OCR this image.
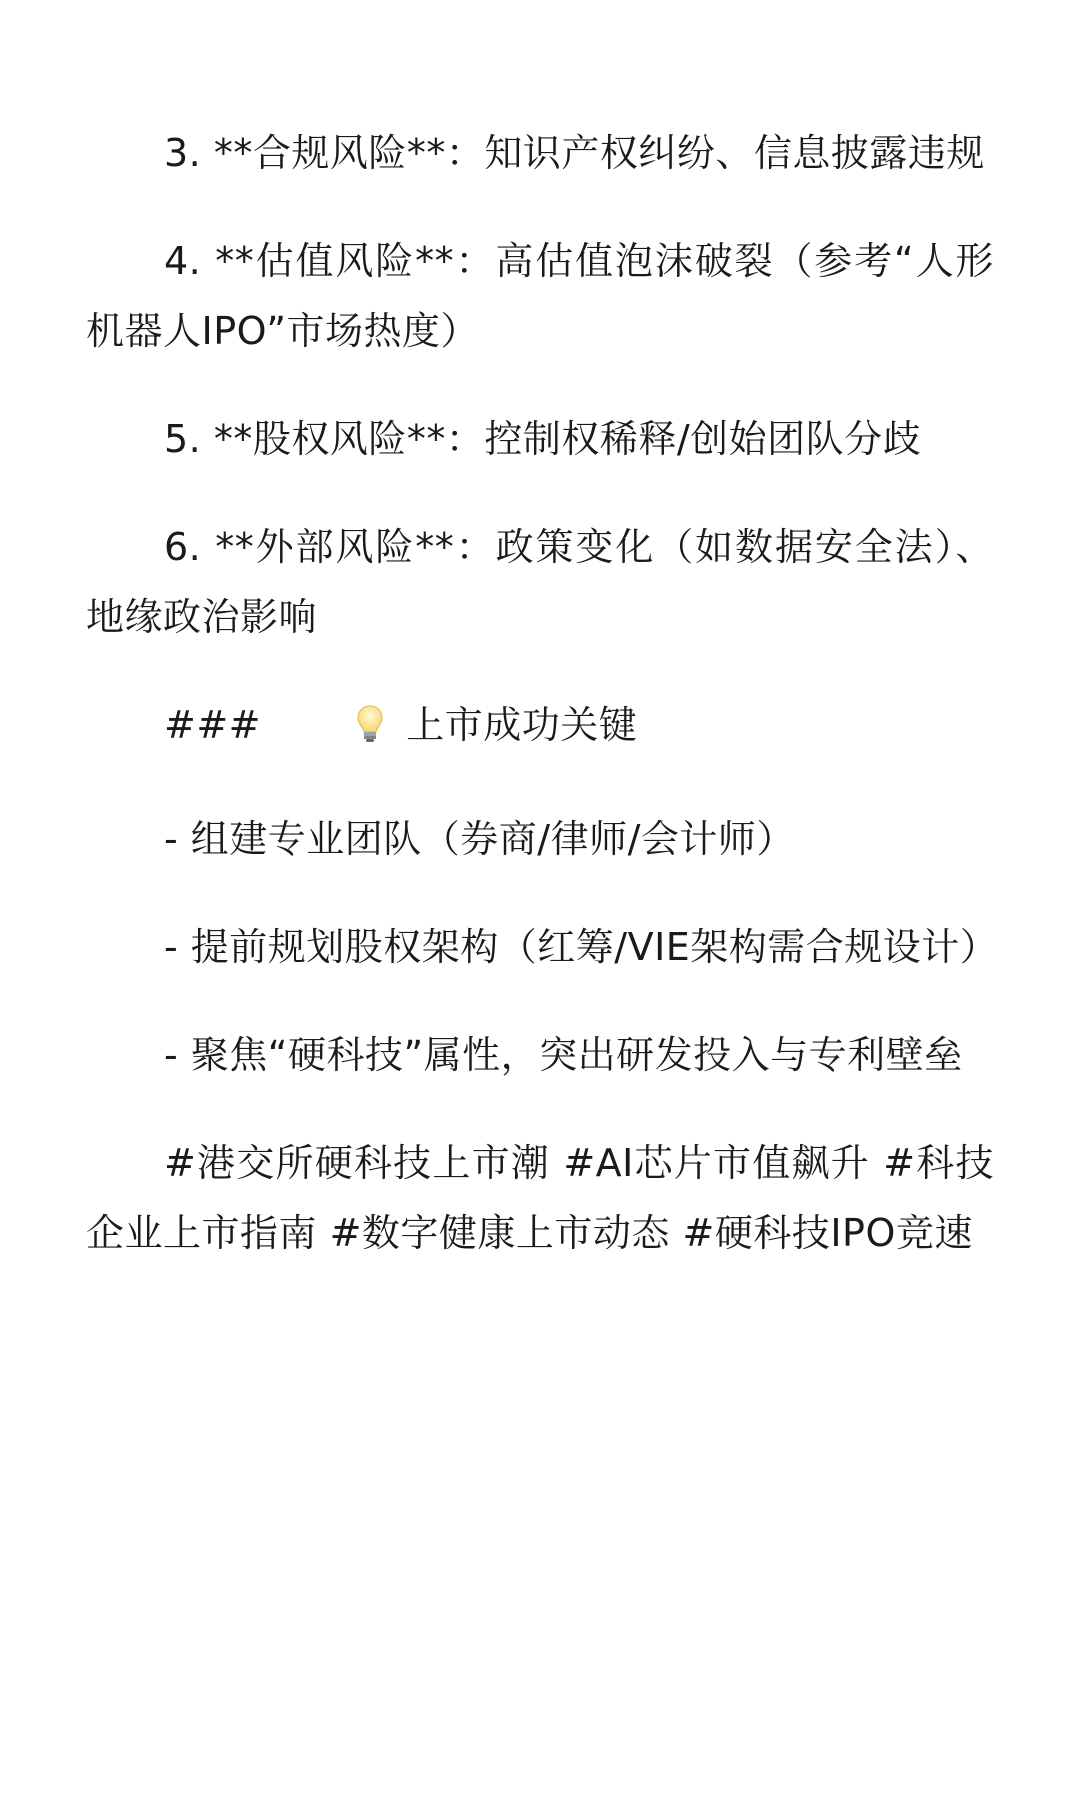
3. **合规风险**：知识产权纠纷、信息披露违规

4. **估值风险**：高估值泡沫破裂（参考“人形机器人IPO”市场热度）

5. **股权风险**：控制权稀释/创始团队分歧

6. **外部风险**：政策变化（如数据安全法）、地缘政治影响

###	上市成功关键

- 组建专业团队（券商/律师/会计师）

- 提前规划股权架构（红筹/VIE架构需合规设计）

- 聚焦“硬科技”属性，突出研发投入与专利壁垒

#港交所硬科技上市潮 #AI芯片市值飙升 #科技企业上市指南 #数字健康上市动态 #硬科技IPO竞速
